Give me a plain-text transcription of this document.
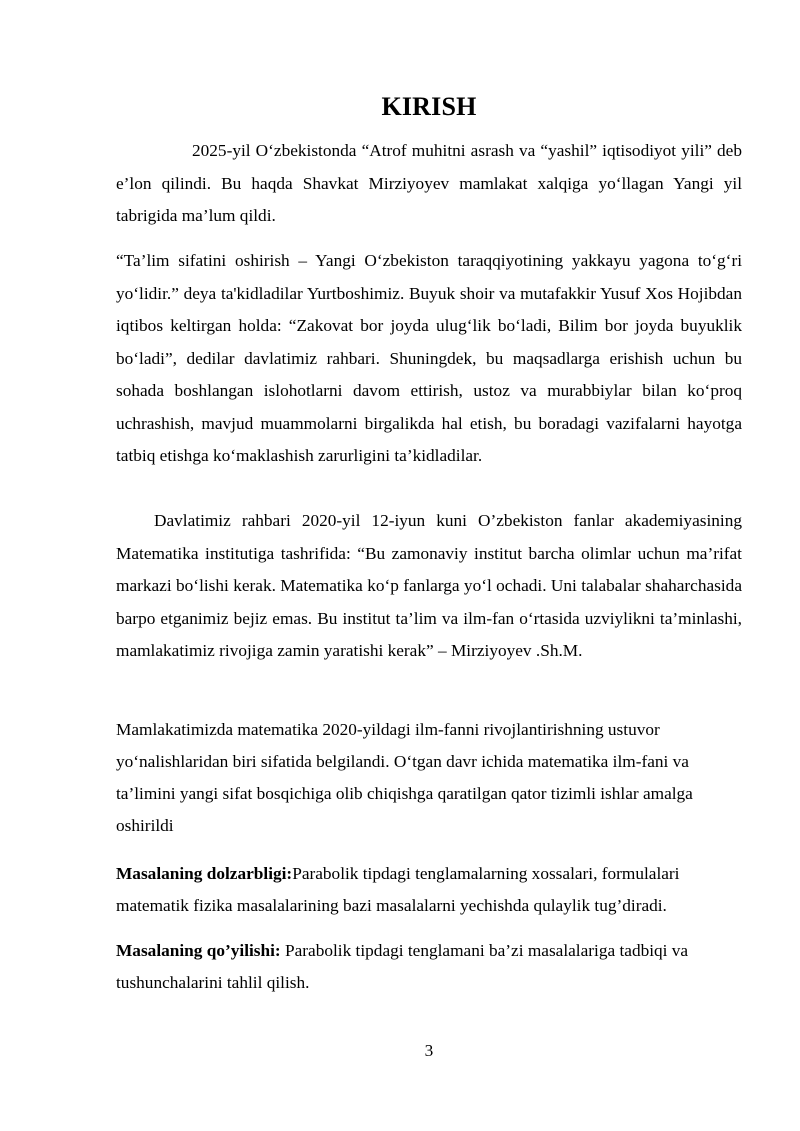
KIRISH

2025-yil O‘zbekistonda “Atrof muhitni asrash va “yashil” iqtisodiyot yili” deb e’lon qilindi. Bu haqda Shavkat Mirziyoyev mamlakat xalqiga yo‘llagan Yangi yil tabrigida ma’lum qildi.

“Ta’lim sifatini oshirish – Yangi O‘zbekiston taraqqiyotining yakkayu yagona to‘g‘ri yo‘lidir.” deya ta'kidladilar Yurtboshimiz. Buyuk shoir va mutafakkir Yusuf Xos Hojibdan iqtibos keltirgan holda: “Zakovat bor joyda ulug‘lik bo‘ladi, Bilim bor joyda buyuklik bo‘ladi”, dedilar davlatimiz rahbari. Shuningdek, bu maqsadlarga erishish uchun bu sohada boshlangan islohotlarni davom ettirish, ustoz va murabbiylar bilan ko‘proq uchrashish, mavjud muammolarni birgalikda hal etish, bu boradagi vazifalarni hayotga tatbiq etishga ko‘maklashish zarurligini ta’kidladilar.

Davlatimiz rahbari 2020-yil 12-iyun kuni O’zbekiston fanlar akademiyasining Matematika institutiga tashrifida: “Bu zamonaviy institut barcha olimlar uchun ma’rifat markazi bo‘lishi kerak. Matematika ko‘p fanlarga yo‘l ochadi. Uni talabalar shaharchasida barpo etganimiz bejiz emas. Bu institut ta’lim va ilm-fan o‘rtasida uzviylikni ta’minlashi, mamlakatimiz rivojiga zamin yaratishi kerak” – Mirziyoyev .Sh.M.

Mamlakatimizda matematika 2020-yildagi ilm-fanni rivojlantirishning ustuvor yo‘nalishlaridan biri sifatida belgilandi. O‘tgan davr ichida matematika ilm-fani va ta’limini yangi sifat bosqichiga olib chiqishga qaratilgan qator tizimli ishlar amalga oshirildi

Masalaning dolzarbligi:Parabolik tipdagi tenglamalarning xossalari, formulalari matematik fizika masalalarining bazi masalalarni yechishda qulaylik tug’diradi.

Masalaning qo’yilishi: Parabolik tipdagi tenglamani ba’zi masalalariga tadbiqi va tushunchalarini tahlil qilish.

3
